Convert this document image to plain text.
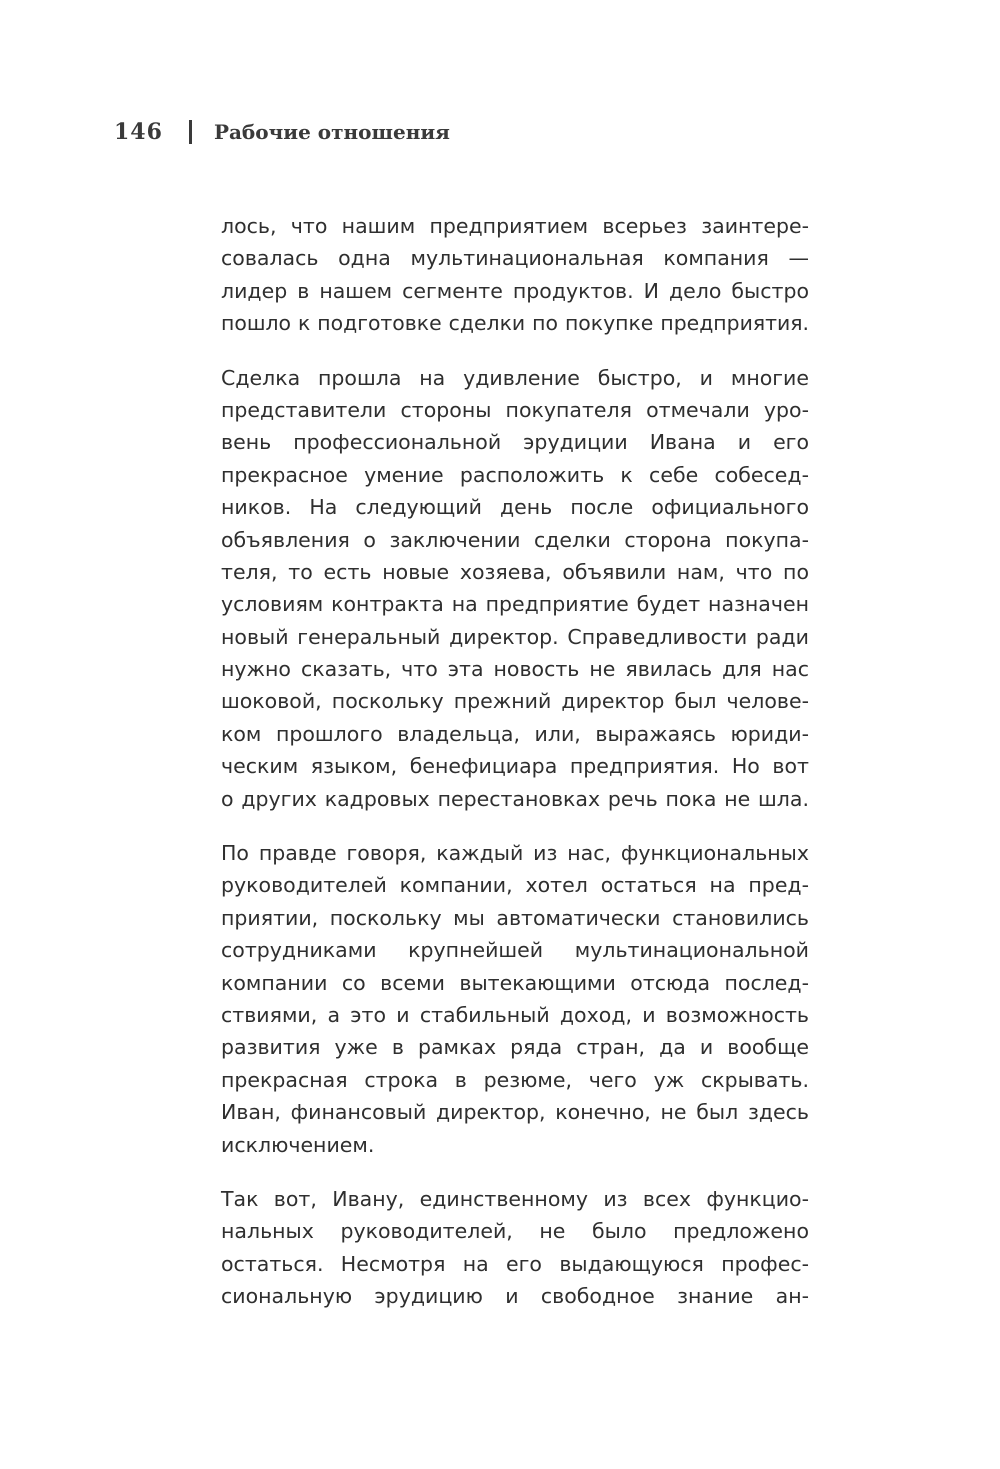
146	Рабочие отношения
лось, что нашим предприятием всерьез заинтере-
совалась одна мультинациональная компания —
лидер в нашем сегменте продуктов. И дело быстро
пошло к подготовке сделки по покупке предприятия.
Сделка прошла на удивление быстро, и многие
представители стороны покупателя отмечали уро-
вень профессиональной эрудиции Ивана и его
прекрасное умение расположить к себе собесед-
ников. На следующий день после официального
объявления о заключении сделки сторона покупа-
теля, то есть новые хозяева, объявили нам, что по
условиям контракта на предприятие будет назначен
новый генеральный директор. Справедливости ради
нужно сказать, что эта новость не явилась для нас
шоковой, поскольку прежний директор был челове-
ком прошлого владельца, или, выражаясь юриди-
ческим языком, бенефициара предприятия. Но вот
о других кадровых перестановках речь пока не шла.
По правде говоря, каждый из нас, функциональных
руководителей компании, хотел остаться на пред-
приятии, поскольку мы автоматически становились
сотрудниками крупнейшей мультинациональной
компании со всеми вытекающими отсюда послед-
ствиями, а это и стабильный доход, и возможность
развития уже в рамках ряда стран, да и вообще
прекрасная строка в резюме, чего уж скрывать.
Иван, финансовый директор, конечно, не был здесь
исключением.
Так вот, Ивану, единственному из всех функцио-
нальных руководителей, не было предложено
остаться. Несмотря на его выдающуюся профес-
сиональную эрудицию и свободное знание ан-
